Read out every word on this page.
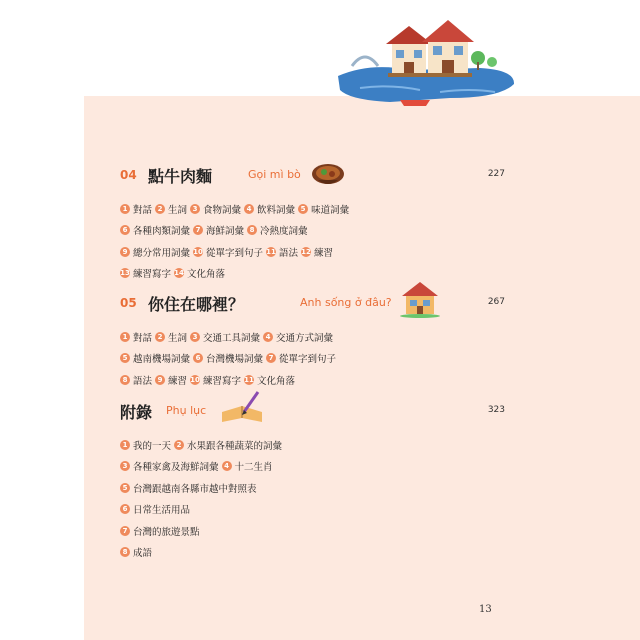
04 點牛肉麵	Gọi mì bò	227
1 對話 2 生詞 3 食物詞彙 4 飲料詞彙 5 味道詞彙
6 各種肉類詞彙 7 海鮮詞彙 8 冷熱度詞彙
9 總分常用詞彙 10 從單字到句子 11 語法 12 練習
13 練習寫字 14 文化角落
05 你住在哪裡？	Anh sống ở đâu?	267
1 對話 2 生詞 3 交通工具詞彙 4 交通方式詞彙
5 越南機場詞彙 6 台灣機場詞彙 7 從單字到句子
8 語法 9 練習 10 練習寫字 11 文化角落
附錄 Phụ lục	323
1 我的一天 2 水果跟各種蔬菜的詞彙
3 各種家禽及海鮮詞彙 4 十二生肖
5 台灣跟越南各縣市越中對照表
6 日常生活用品
7 台灣的旅遊景點
8 成語
13
